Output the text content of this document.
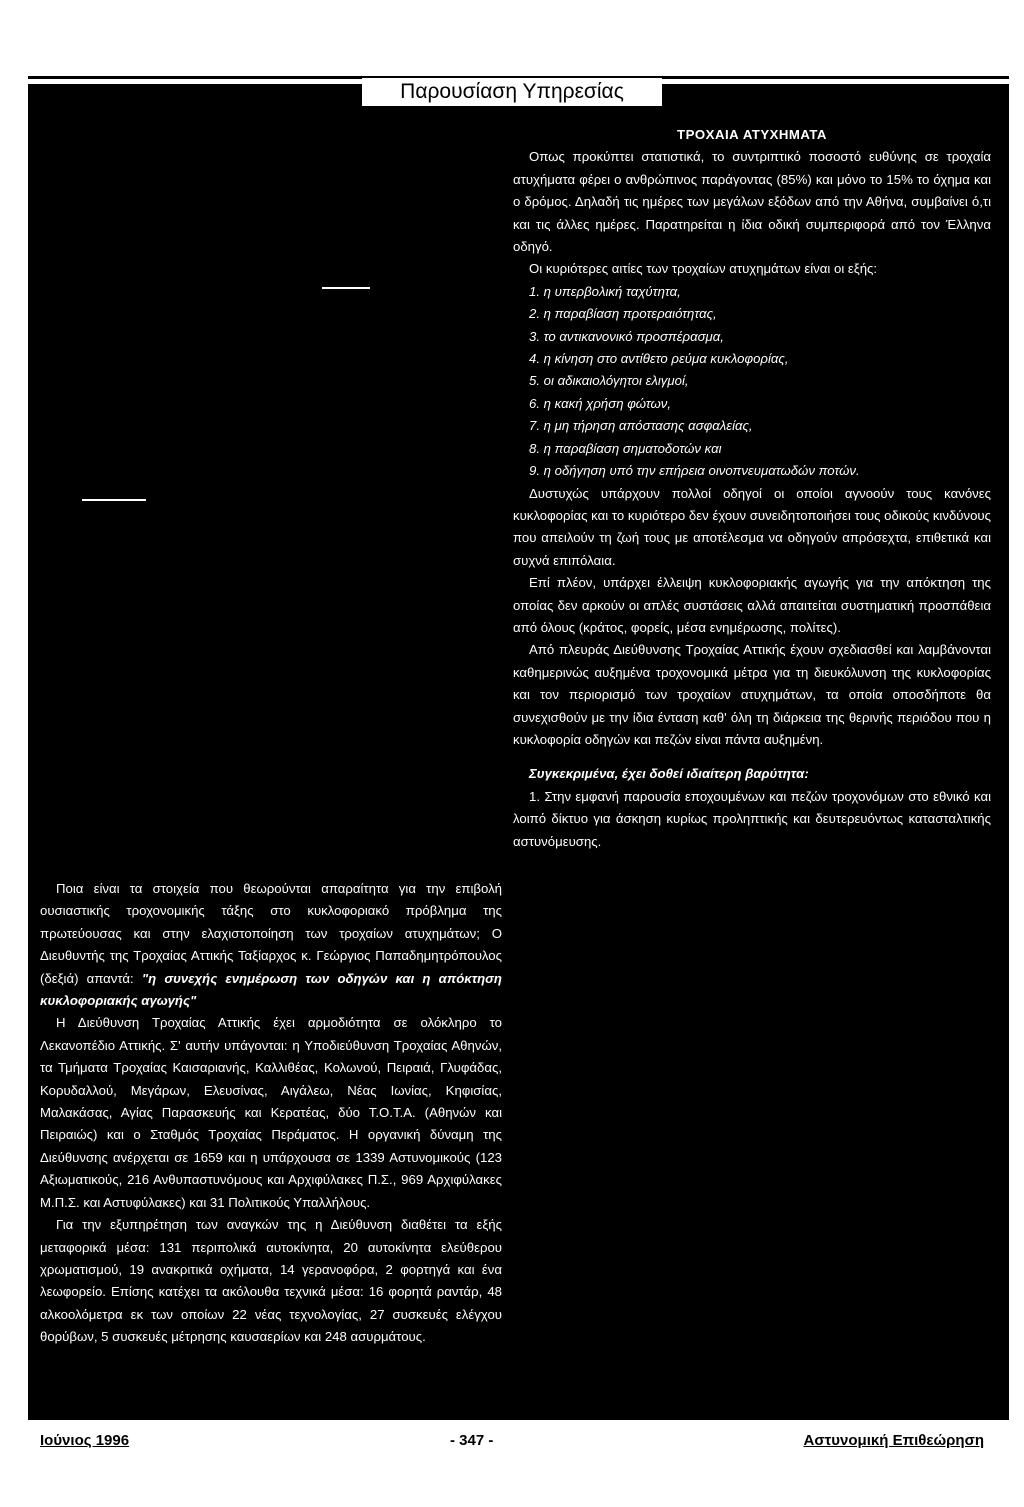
Παρουσίαση Υπηρεσίας

ΤΡΟΧΑΙΑ ΑΤΥΧΗΜΑΤΑ

Οπως προκύπτει στατιστικά, το συντριπτικό ποσοστό ευθύνης σε τροχαία ατυχήματα φέρει ο ανθρώπινος παράγοντας (85%) και μόνο το 15% το όχημα και ο δρόμος. Δηλαδή τις ημέρες των μεγάλων εξόδων από την Αθήνα, συμβαίνει ό,τι και τις άλλες ημέρες. Παρατηρείται η ίδια οδική συμπεριφορά από τον Έλληνα οδηγό.

Οι κυριότερες αιτίες των τροχαίων ατυχημάτων είναι οι εξής:

1. η υπερβολική ταχύτητα,

2. η παραβίαση προτεραιότητας,

3. το αντικανονικό προσπέρασμα,

4. η κίνηση στο αντίθετο ρεύμα κυκλοφορίας,

5. οι αδικαιολόγητοι ελιγμοί,

6. η κακή χρήση φώτων,

7. η μη τήρηση απόστασης ασφαλείας,

8. η παραβίαση σηματοδοτών και

9. η οδήγηση υπό την επήρεια οινοπνευματωδών ποτών.

Δυστυχώς υπάρχουν πολλοί οδηγοί οι οποίοι αγνοούν τους κανόνες κυκλοφορίας και το κυριότερο δεν έχουν συνειδητοποιήσει τους οδικούς κινδύνους που απειλούν τη ζωή τους με αποτέλεσμα να οδηγούν απρόσεχτα, επιθετικά και συχνά επιπόλαια.

Επί πλέον, υπάρχει έλλειψη κυκλοφοριακής αγωγής για την απόκτηση της οποίας δεν αρκούν οι απλές συστάσεις αλλά απαιτείται συστηματική προσπάθεια από όλους (κράτος, φορείς, μέσα ενημέρωσης, πολίτες).

Από πλευράς Διεύθυνσης Τροχαίας Αττικής έχουν σχεδιασθεί και λαμβάνονται καθημερινώς αυξημένα τροχονομικά μέτρα για τη διευκόλυνση της κυκλοφορίας και τον περιορισμό των τροχαίων ατυχημάτων, τα οποία οποσδήποτε θα συνεχισθούν με την ίδια ένταση καθ' όλη τη διάρκεια της θερινής περιόδου που η κυκλοφορία οδηγών και πεζών είναι πάντα αυξημένη.

Συγκεκριμένα, έχει δοθεί ιδιαίτερη βαρύτητα:

1. Στην εμφανή παρουσία εποχουμένων και πεζών τροχονόμων στο εθνικό και λοιπό δίκτυο για άσκηση κυρίως προληπτικής και δευτερευόντως κατασταλτικής αστυνόμευσης.

Ποια είναι τα στοιχεία που θεωρούνται απαραίτητα για την επιβολή ουσιαστικής τροχονομικής τάξης στο κυκλοφοριακό πρόβλημα της πρωτεύουσας και στην ελαχιστοποίηση των τροχαίων ατυχημάτων; Ο Διευθυντής της Τροχαίας Αττικής Ταξίαρχος κ. Γεώργιος Παπαδημητρόπουλος (δεξιά) απαντά: "η συνεχής ενημέρωση των οδηγών και η απόκτηση κυκλοφοριακής αγωγής"

Η Διεύθυνση Τροχαίας Αττικής έχει αρμοδιότητα σε ολόκληρο το Λεκανοπέδιο Αττικής. Σ' αυτήν υπάγονται: η Υποδιεύθυνση Τροχαίας Αθηνών, τα Τμήματα Τροχαίας Καισαριανής, Καλλιθέας, Κολωνού, Πειραιά, Γλυφάδας, Κορυδαλλού, Μεγάρων, Ελευσίνας, Αιγάλεω, Νέας Ιωνίας, Κηφισίας, Μαλακάσας, Αγίας Παρασκευής και Κερατέας, δύο Τ.Ο.Τ.Α. (Αθηνών και Πειραιώς) και ο Σταθμός Τροχαίας Περάματος. Η οργανική δύναμη της Διεύθυνσης ανέρχεται σε 1659 και η υπάρχουσα σε 1339 Αστυνομικούς (123 Αξιωματικούς, 216 Ανθυπαστυνόμους και Αρχιφύλακες Π.Σ., 969 Αρχιφύλακες Μ.Π.Σ. και Αστυφύλακες) και 31 Πολιτικούς Υπαλλήλους.

Για την εξυπηρέτηση των αναγκών της η Διεύθυνση διαθέτει τα εξής μεταφορικά μέσα: 131 περιπολικά αυτοκίνητα, 20 αυτοκίνητα ελεύθερου χρωματισμού, 19 ανακριτικά οχήματα, 14 γερανοφόρα, 2 φορτηγά και ένα λεωφορείο. Επίσης κατέχει τα ακόλουθα τεχνικά μέσα: 16 φορητά ραντάρ, 48 αλκοολόμετρα εκ των οποίων 22 νέας τεχνολογίας, 27 συσκευές ελέγχου θορύβων, 5 συσκευές μέτρησης καυσαερίων και 248 ασυρμάτους.

Ιούνιος 1996	- 347 -	Αστυνομική Επιθεώρηση
